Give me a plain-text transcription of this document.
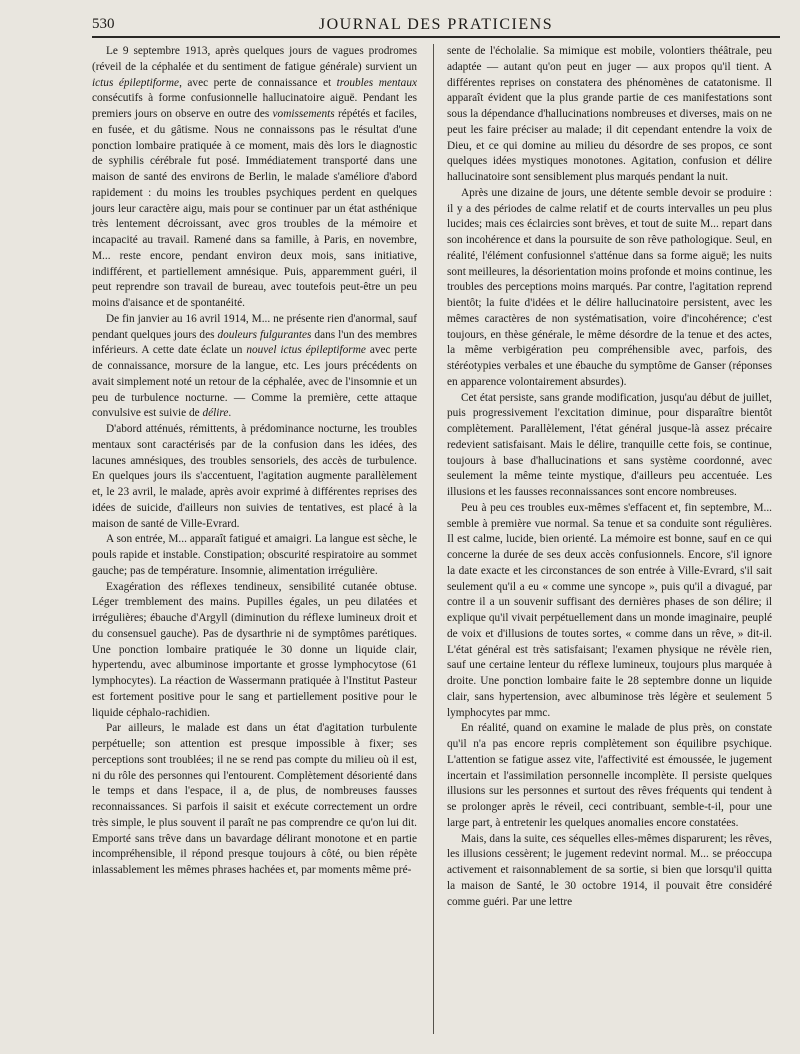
530	JOURNAL DES PRATICIENS

Le 9 septembre 1913, après quelques jours de vagues prodromes (réveil de la céphalée et du sentiment de fatigue générale) survient un ictus épileptiforme, avec perte de connaissance et troubles mentaux consécutifs à forme confusionnelle hallucinatoire aiguë. Pendant les premiers jours on observe en outre des vomissements répétés et faciles, en fusée, et du gâtisme. Nous ne connaissons pas le résultat d'une ponction lombaire pratiquée à ce moment, mais dès lors le diagnostic de syphilis cérébrale fut posé. Immédiatement transporté dans une maison de santé des environs de Berlin, le malade s'améliore d'abord rapidement : du moins les troubles psychiques perdent en quelques jours leur caractère aigu, mais pour se continuer par un état asthénique très lentement décroissant, avec gros troubles de la mémoire et incapacité au travail. Ramené dans sa famille, à Paris, en novembre, M... reste encore, pendant environ deux mois, sans initiative, indifférent, et partiellement amnésique. Puis, apparemment guéri, il peut reprendre son travail de bureau, avec toutefois peut-être un peu moins d'aisance et de spontanéité.

De fin janvier au 16 avril 1914, M... ne présente rien d'anormal, sauf pendant quelques jours des douleurs fulgurantes dans l'un des membres inférieurs. A cette date éclate un nouvel ictus épileptiforme avec perte de connaissance, morsure de la langue, etc. Les jours précédents on avait simplement noté un retour de la céphalée, avec de l'insomnie et un peu de turbulence nocturne. — Comme la première, cette attaque convulsive est suivie de délire.

D'abord atténués, rémittents, à prédominance nocturne, les troubles mentaux sont caractérisés par de la confusion dans les idées, des lacunes amnésiques, des troubles sensoriels, des accès de turbulence. En quelques jours ils s'accentuent, l'agitation augmente parallèlement et, le 23 avril, le malade, après avoir exprimé à différentes reprises des idées de suicide, d'ailleurs non suivies de tentatives, est placé à la maison de santé de Ville-Evrard.

A son entrée, M... apparaît fatigué et amaigri. La langue est sèche, le pouls rapide et instable. Constipation; obscurité respiratoire au sommet gauche; pas de température. Insomnie, alimentation irrégulière.

Exagération des réflexes tendineux, sensibilité cutanée obtuse. Léger tremblement des mains. Pupilles égales, un peu dilatées et irrégulières; ébauche d'Argyll (diminution du réflexe lumineux droit et du consensuel gauche). Pas de dysarthrie ni de symptômes parétiques. Une ponction lombaire pratiquée le 30 donne un liquide clair, hypertendu, avec albuminose importante et grosse lymphocytose (61 lymphocytes). La réaction de Wassermann pratiquée à l'Institut Pasteur est fortement positive pour le sang et partiellement positive pour le liquide céphalo-rachidien.

Par ailleurs, le malade est dans un état d'agitation turbulente perpétuelle; son attention est presque impossible à fixer; ses perceptions sont troublées; il ne se rend pas compte du milieu où il est, ni du rôle des personnes qui l'entourent. Complètement désorienté dans le temps et dans l'espace, il a, de plus, de nombreuses fausses reconnaissances. Si parfois il saisit et exécute correctement un ordre très simple, le plus souvent il paraît ne pas comprendre ce qu'on lui dit. Emporté sans trêve dans un bavardage délirant monotone et en partie incompréhensible, il répond presque toujours à côté, ou bien répète inlassablement les mêmes phrases hachées et, par moments même pré-

sente de l'écholalie. Sa mimique est mobile, volontiers théâtrale, peu adaptée — autant qu'on peut en juger — aux propos qu'il tient. A différentes reprises on constatera des phénomènes de catatonisme. Il apparaît évident que la plus grande partie de ces manifestations sont sous la dépendance d'hallucinations nombreuses et diverses, mais on ne peut les faire préciser au malade; il dit cependant entendre la voix de Dieu, et ce qui domine au milieu du désordre de ses propos, ce sont quelques idées mystiques monotones. Agitation, confusion et délire hallucinatoire sont sensiblement plus marqués pendant la nuit.

Après une dizaine de jours, une détente semble devoir se produire : il y a des périodes de calme relatif et de courts intervalles un peu plus lucides; mais ces éclaircies sont brèves, et tout de suite M... repart dans son incohérence et dans la poursuite de son rêve pathologique. Seul, en réalité, l'élément confusionnel s'atténue dans sa forme aiguë; les nuits sont meilleures, la désorientation moins profonde et moins continue, les troubles des perceptions moins marqués. Par contre, l'agitation reprend bientôt; la fuite d'idées et le délire hallucinatoire persistent, avec les mêmes caractères de non systématisation, voire d'incohérence; c'est toujours, en thèse générale, le même désordre de la tenue et des actes, la même verbigération peu compréhensible avec, parfois, des stéréotypies verbales et une ébauche du symptôme de Ganser (réponses en apparence volontairement absurdes).

Cet état persiste, sans grande modification, jusqu'au début de juillet, puis progressivement l'excitation diminue, pour disparaître bientôt complètement. Parallèlement, l'état général jusque-là assez précaire redevient satisfaisant. Mais le délire, tranquille cette fois, se continue, toujours à base d'hallucinations et sans système coordonné, avec seulement la même teinte mystique, d'ailleurs peu accentuée. Les illusions et les fausses reconnaissances sont encore nombreuses.

Peu à peu ces troubles eux-mêmes s'effacent et, fin septembre, M... semble à première vue normal. Sa tenue et sa conduite sont régulières. Il est calme, lucide, bien orienté. La mémoire est bonne, sauf en ce qui concerne la durée de ses deux accès confusionnels. Encore, s'il ignore la date exacte et les circonstances de son entrée à Ville-Evrard, s'il sait seulement qu'il a eu « comme une syncope », puis qu'il a divagué, par contre il a un souvenir suffisant des dernières phases de son délire; il explique qu'il vivait perpétuellement dans un monde imaginaire, peuplé de voix et d'illusions de toutes sortes, « comme dans un rêve, » dit-il. L'état général est très satisfaisant; l'examen physique ne révèle rien, sauf une certaine lenteur du réflexe lumineux, toujours plus marquée à droite. Une ponction lombaire faite le 28 septembre donne un liquide clair, sans hypertension, avec albuminose très légère et seulement 5 lymphocytes par mmc.

En réalité, quand on examine le malade de plus près, on constate qu'il n'a pas encore repris complètement son équilibre psychique. L'attention se fatigue assez vite, l'affectivité est émoussée, le jugement incertain et l'assimilation personnelle incomplète. Il persiste quelques illusions sur les personnes et surtout des rêves fréquents qui tendent à se prolonger après le réveil, ceci contribuant, semble-t-il, pour une large part, à entretenir les quelques anomalies encore constatées.

Mais, dans la suite, ces séquelles elles-mêmes disparurent; les rêves, les illusions cessèrent; le jugement redevint normal. M... se préoccupa activement et raisonnablement de sa sortie, si bien que lorsqu'il quitta la maison de Santé, le 30 octobre 1914, il pouvait être considéré comme guéri. Par une lettre
